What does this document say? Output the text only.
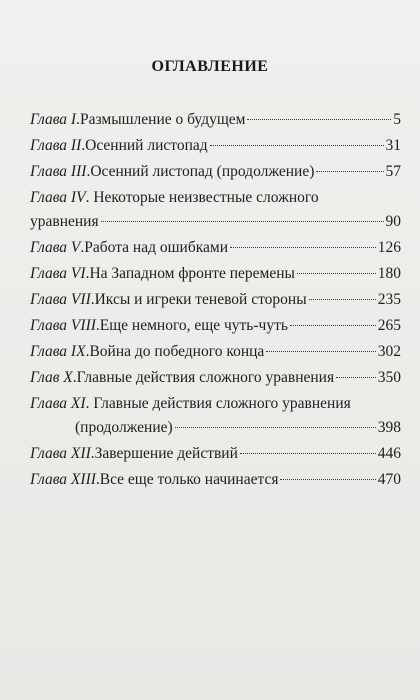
ОГЛАВЛЕНИЕ
Глава I . Размышление о будущем	5
Глава II . Осенний листопад	31
Глава III . Осенний листопад (продолжение)	57
Глава IV. Некоторые неизвестные сложного
уравнения	90
Глава V . Работа над ошибками	126
Глава VI . На Западном фронте перемены	180
Глава VII . Иксы и игреки теневой стороны	235
Глава VIII . Еще немного, еще чуть-чуть	265
Глава IX . Война до победного конца	302
Глав X . Главные действия сложного уравнения	350
Глава XI. Главные действия сложного уравнения
(продолжение)	398
Глава XII . Завершение действий	446
Глава XIII . Все еще только начинается	470
